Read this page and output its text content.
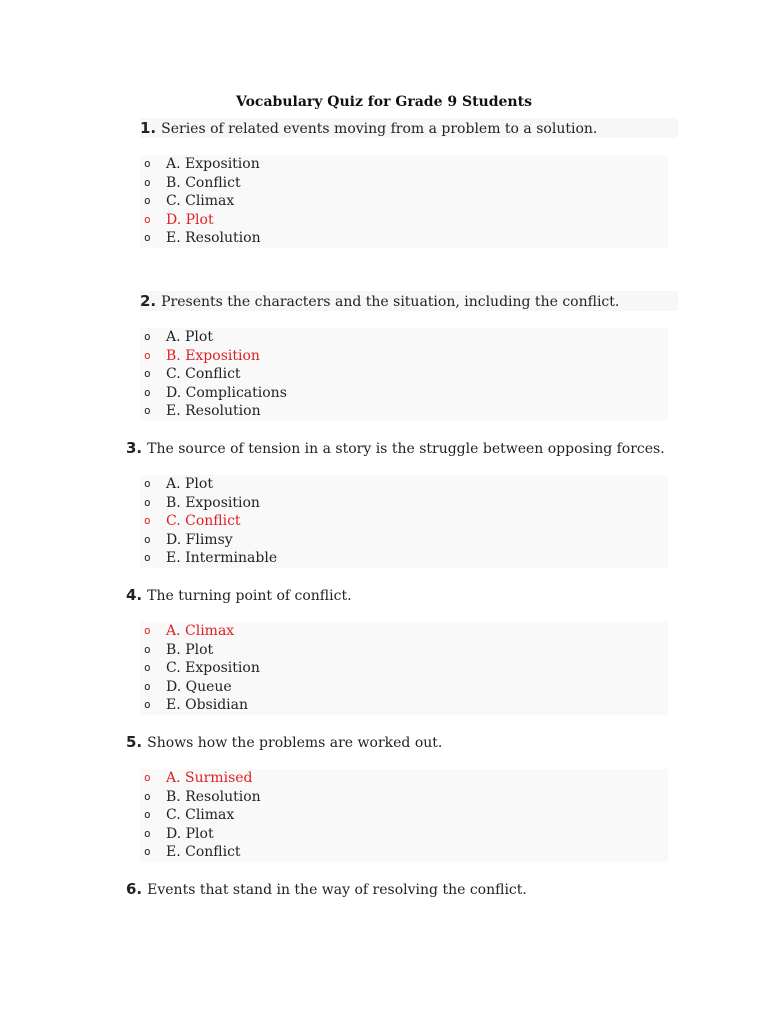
Vocabulary Quiz for Grade 9 Students
1. Series of related events moving from a problem to a solution.
o A. Exposition
o B. Conflict
o C. Climax
o D. Plot
o E. Resolution
2. Presents the characters and the situation, including the conflict.
o A. Plot
o B. Exposition
o C. Conflict
o D. Complications
o E. Resolution
3. The source of tension in a story is the struggle between opposing forces.
o A. Plot
o B. Exposition
o C. Conflict
o D. Flimsy
o E. Interminable
4. The turning point of conflict.
o A. Climax
o B. Plot
o C. Exposition
o D. Queue
o E. Obsidian
5. Shows how the problems are worked out.
o A. Surmised
o B. Resolution
o C. Climax
o D. Plot
o E. Conflict
6. Events that stand in the way of resolving the conflict.
